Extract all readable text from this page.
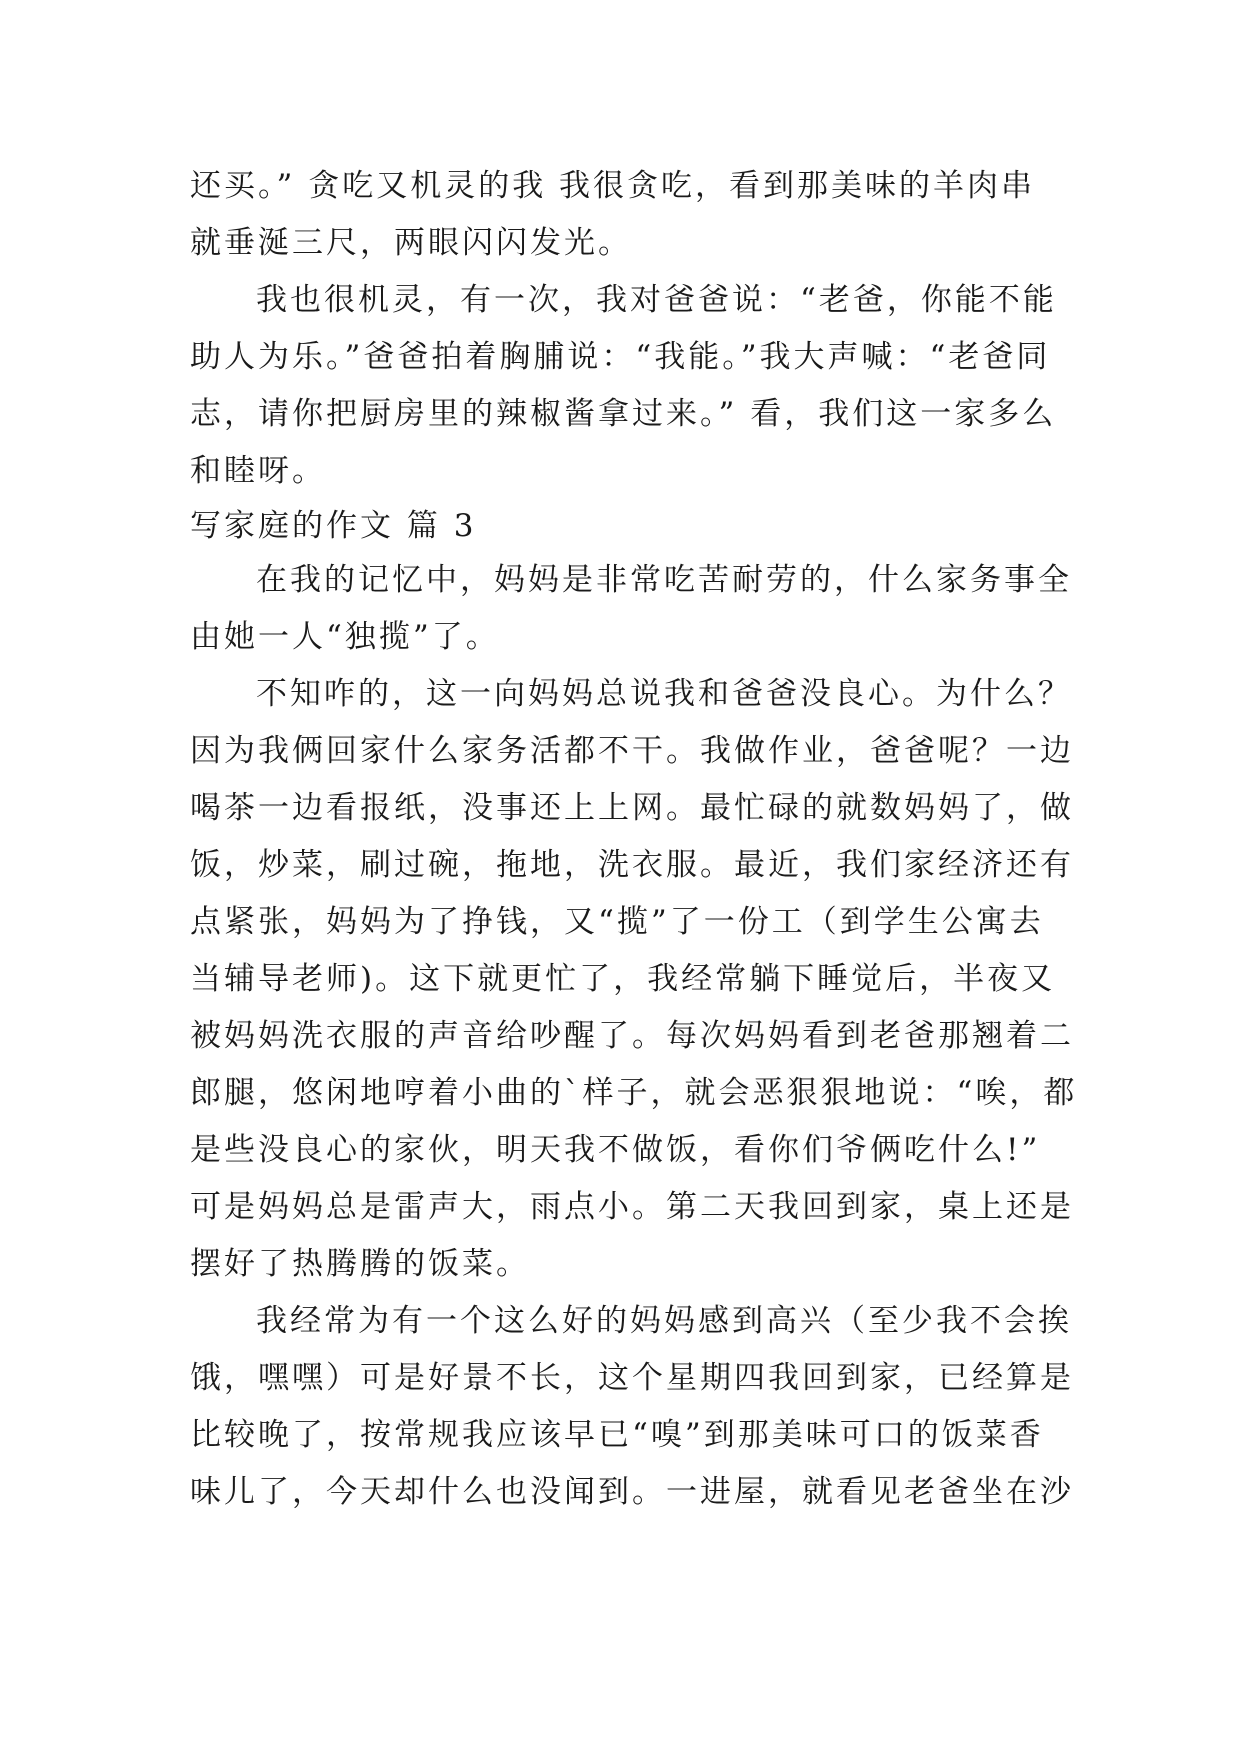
还买。” 贪吃又机灵的我 我很贪吃，看到那美味的羊肉串
就垂涎三尺，两眼闪闪发光。
我也很机灵，有一次，我对爸爸说：“老爸，你能不能
助人为乐。”爸爸拍着胸脯说：“我能。”我大声喊：“老爸同
志，请你把厨房里的辣椒酱拿过来。” 看，我们这一家多么
和睦呀。
写家庭的作文 篇 3
在我的记忆中，妈妈是非常吃苦耐劳的，什么家务事全
由她一人“独揽”了。
不知咋的，这一向妈妈总说我和爸爸没良心。为什么？
因为我俩回家什么家务活都不干。我做作业，爸爸呢？一边
喝茶一边看报纸，没事还上上网。最忙碌的就数妈妈了，做
饭，炒菜，刷过碗，拖地，洗衣服。最近，我们家经济还有
点紧张，妈妈为了挣钱，又“揽”了一份工（到学生公寓去
当辅导老师)。这下就更忙了，我经常躺下睡觉后，半夜又
被妈妈洗衣服的声音给吵醒了。每次妈妈看到老爸那翘着二
郎腿，悠闲地哼着小曲的`样子，就会恶狠狠地说：“唉，都
是些没良心的家伙，明天我不做饭，看你们爷俩吃什么!”
可是妈妈总是雷声大，雨点小。第二天我回到家，桌上还是
摆好了热腾腾的饭菜。
我经常为有一个这么好的妈妈感到高兴（至少我不会挨
饿，嘿嘿）可是好景不长，这个星期四我回到家，已经算是
比较晚了，按常规我应该早已“嗅”到那美味可口的饭菜香
味儿了，今天却什么也没闻到。一进屋，就看见老爸坐在沙
